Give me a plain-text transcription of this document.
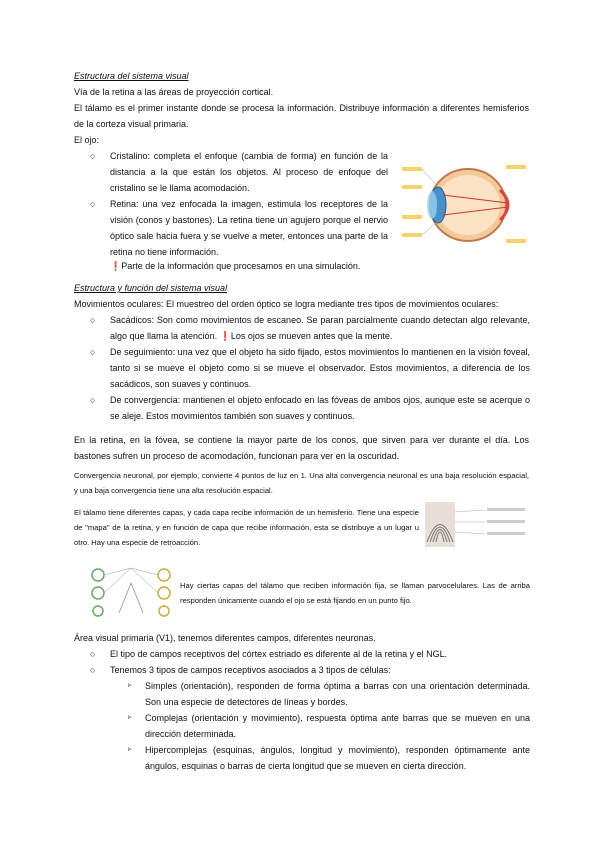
Estructura del sistema visual

Vía de la retina a las áreas de proyección cortical.

El tálamo es el primer instante donde se procesa la información. Distribuye información a diferentes hemisferios de la corteza visual primaria.

El ojo:

○ Cristalino: completa el enfoque (cambia de forma) en función de la distancia a la que están los objetos. Al proceso de enfoque del cristalino se le llama acomodación.

○ Retina: una vez enfocada la imagen, estimula los receptores de la visión (conos y bastones). La retina tiene un agujero porque el nervio óptico sale hacia fuera y se vuelve a meter, entonces una parte de la retina no tiene información.

❗Parte de la información que procesamos en una simulación.

Estructura y función del sistema visual

Movimientos oculares: El muestreo del orden óptico se logra mediante tres tipos de movimientos oculares:

○ Sacádicos: Son como movimientos de escaneo. Se paran parcialmente cuando detectan algo relevante, algo que llama la atención. ❗Los ojos se mueven antes que la mente.

○ De seguimiento: una vez que el objeto ha sido fijado, estos movimientos lo mantienen en la visión foveal, tanto si se mueve el objeto como si se mueve el observador. Estos movimientos, a diferencia de los sacádicos, son suaves y continuos.

○ De convergencia: mantienen el objeto enfocado en las fóveas de ambos ojos, aunque este se acerque o se aleje. Estos movimientos también son suaves y continuos.

En la retina, en la fóvea, se contiene la mayor parte de los conos, que sirven para ver durante el día. Los bastones sufren un proceso de acomodación, funcionan para ver en la oscuridad.

Convergencia neuronal, por ejemplo, convierte 4 puntos de luz en 1. Una alta convergencia neuronal es una baja resolución espacial, y una baja convergencia tiene una alta resolución espacial.

El tálamo tiene diferentes capas, y cada capa recibe información de un hemisferio. Tiene una especie de "mapa" de la retina, y en función de capa que recibe información, esta se distribuye a un lugar u otro. Hay una especie de retroacción.

Hay ciertas capas del tálamo que reciben información fija, se llaman parvocelulares. Las de arriba responden únicamente cuando el ojo se está fijando en un punto fijo.

Área visual primaria (V1), tenemos diferentes campos, diferentes neuronas.

○ El tipo de campos receptivos del córtex estriado es diferente al de la retina y el NGL.

○ Tenemos 3 tipos de campos receptivos asociados a 3 tipos de células:

▹ Simples (orientación), responden de forma óptima a barras con una orientación determinada. Son una especie de detectores de líneas y bordes.

▹ Complejas (orientación y movimiento), respuesta óptima ante barras que se mueven en una dirección determinada.

▹ Hipercomplejas (esquinas, ángulos, longitud y movimiento), responden óptimamente ante ángulos, esquinas o barras de cierta longitud que se mueven en cierta dirección.
